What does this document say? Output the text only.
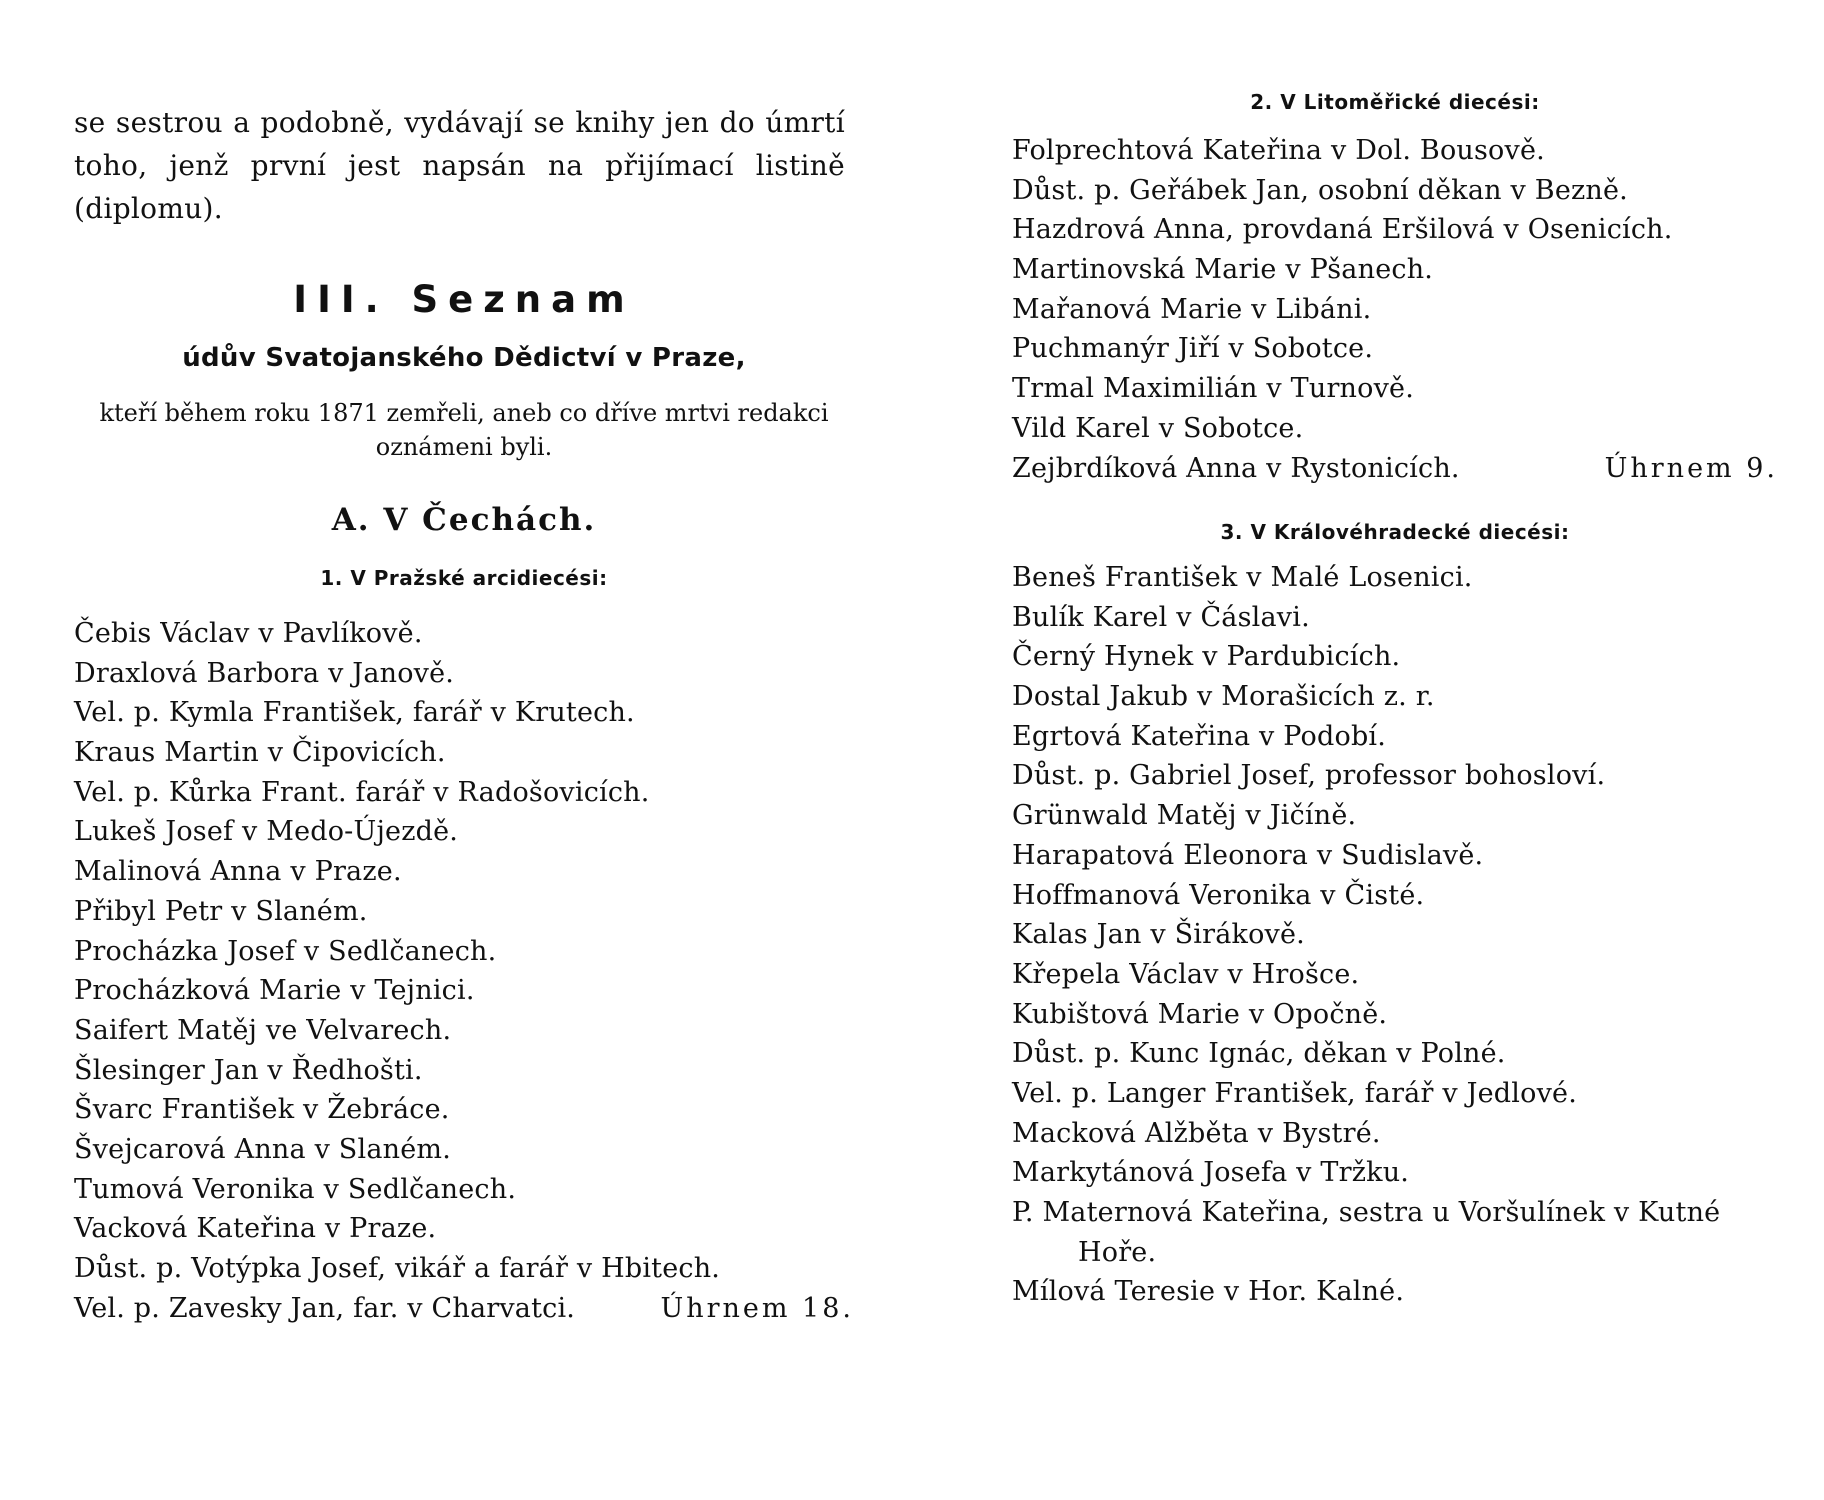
se sestrou a podobně, vydávají se knihy jen do úmrtí
toho, jenž první jest napsán na přijímací listině
(diplomu).
III. Seznam
údův Svatojanského Dědictví v Praze,
kteří během roku 1871 zemřeli, aneb co dříve mrtvi redakci
oznámeni byli.
A. V Čechách.
1. V Pražské arcidiecési:
Čebis Václav v Pavlíkově.
Draxlová Barbora v Janově.
Vel. p. Kymla František, farář v Krutech.
Kraus Martin v Čipovicích.
Vel. p. Kůrka Frant. farář v Radošovicích.
Lukeš Josef v Medo-Újezdě.
Malinová Anna v Praze.
Přibyl Petr v Slaném.
Procházka Josef v Sedlčanech.
Procházková Marie v Tejnici.
Saifert Matěj ve Velvarech.
Šlesinger Jan v Ředhošti.
Švarc František v Žebráce.
Švejcarová Anna v Slaném.
Tumová Veronika v Sedlčanech.
Vacková Kateřina v Praze.
Důst. p. Votýpka Josef, vikář a farář v Hbitech.
Vel. p. Zavesky Jan, far. v Charvatci.	Úhrnem 18.
2. V Litoměřické diecési:
Folprechtová Kateřina v Dol. Bousově.
Důst. p. Geřábek Jan, osobní děkan v Bezně.
Hazdrová Anna, provdaná Eršilová v Osenicích.
Martinovská Marie v Pšanech.
Mařanová Marie v Libáni.
Puchmanýr Jiří v Sobotce.
Trmal Maximilián v Turnově.
Vild Karel v Sobotce.
Zejbrdíková Anna v Rystonicích.	Úhrnem 9.
3. V Královéhradecké diecési:
Beneš František v Malé Losenici.
Bulík Karel v Čáslavi.
Černý Hynek v Pardubicích.
Dostal Jakub v Morašicích z. r.
Egrtová Kateřina v Podobí.
Důst. p. Gabriel Josef, professor bohosloví.
Grünwald Matěj v Jičíně.
Harapatová Eleonora v Sudislavě.
Hoffmanová Veronika v Čisté.
Kalas Jan v Širákově.
Křepela Václav v Hrošce.
Kubištová Marie v Opočně.
Důst. p. Kunc Ignác, děkan v Polné.
Vel. p. Langer František, farář v Jedlové.
Macková Alžběta v Bystré.
Markytánová Josefa v Tržku.
P. Maternová Kateřina, sestra u Voršulínek v Kutné
Hoře.
Mílová Teresie v Hor. Kalné.
